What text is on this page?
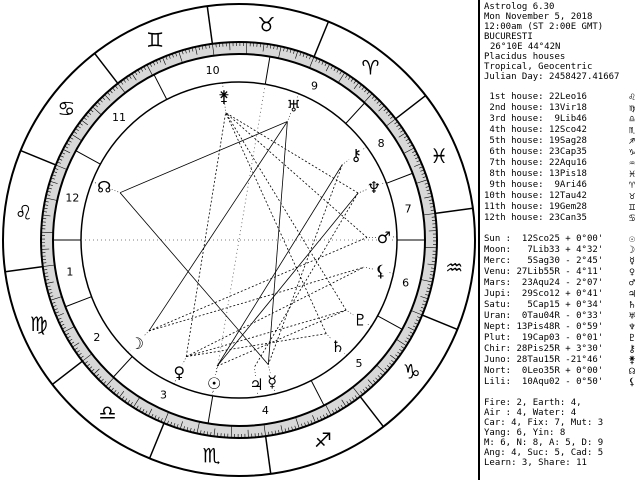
♈
♉
♊
♋
♌
♍
♎
♏
♐
♑
♒
♓
1
2
3
4
5
6
7
8
9
10
11
12
☉
☽
☿
♀
♂
♃
♄
♅
♆
♇
⚷
⚵
☊
⚸
Astrolog 6.30
Mon November 5, 2018
12:00am (ST 2:00E GMT)
BUCURESTI
26°10E 44°42N
Placidus houses
Tropical, Geocentric
Julian Day: 2458427.41667
1st house: 22Leo16	♌
2nd house: 13Vir18	♍
3rd house:  9Lib46	♎
4th house: 12Sco42	♏
5th house: 19Sag28	♐
6th house: 23Cap35	♑
7th house: 22Aqu16	♒
8th house: 13Pis18	♓
9th house:  9Ari46	♈
10th house: 12Tau42	♉
11th house: 19Gem28	♊
12th house: 23Can35	♋
Sun :  12Sco25 + 0°00'	☉
Moon:   7Lib33 + 4°32'	☽
Merc:   5Sag30 - 2°45'	☿
Venu: 27Lib55R - 4°11'	♀
Mars:  23Aqu24 - 2°07'	♂
Jupi:  29Sco12 + 0°41'	♃
Satu:   5Cap15 + 0°34'	♄
Uran:  0Tau04R - 0°33'	♅
Nept: 13Pis48R - 0°59'	♆
Plut:  19Cap03 - 0°01'	♇
Chir: 28Pis25R + 3°30'	⚷
Juno: 28Tau15R -21°46'	⚵
Nort:  0Leo35R + 0°00'	☊
Lili:  10Aqu02 - 0°50'	⚸
Fire: 2, Earth: 4,
Air : 4, Water: 4
Car: 4, Fix: 7, Mut: 3
Yang: 6, Yin: 8
M: 6, N: 8, A: 5, D: 9
Ang: 4, Suc: 5, Cad: 5
Learn: 3, Share: 11
